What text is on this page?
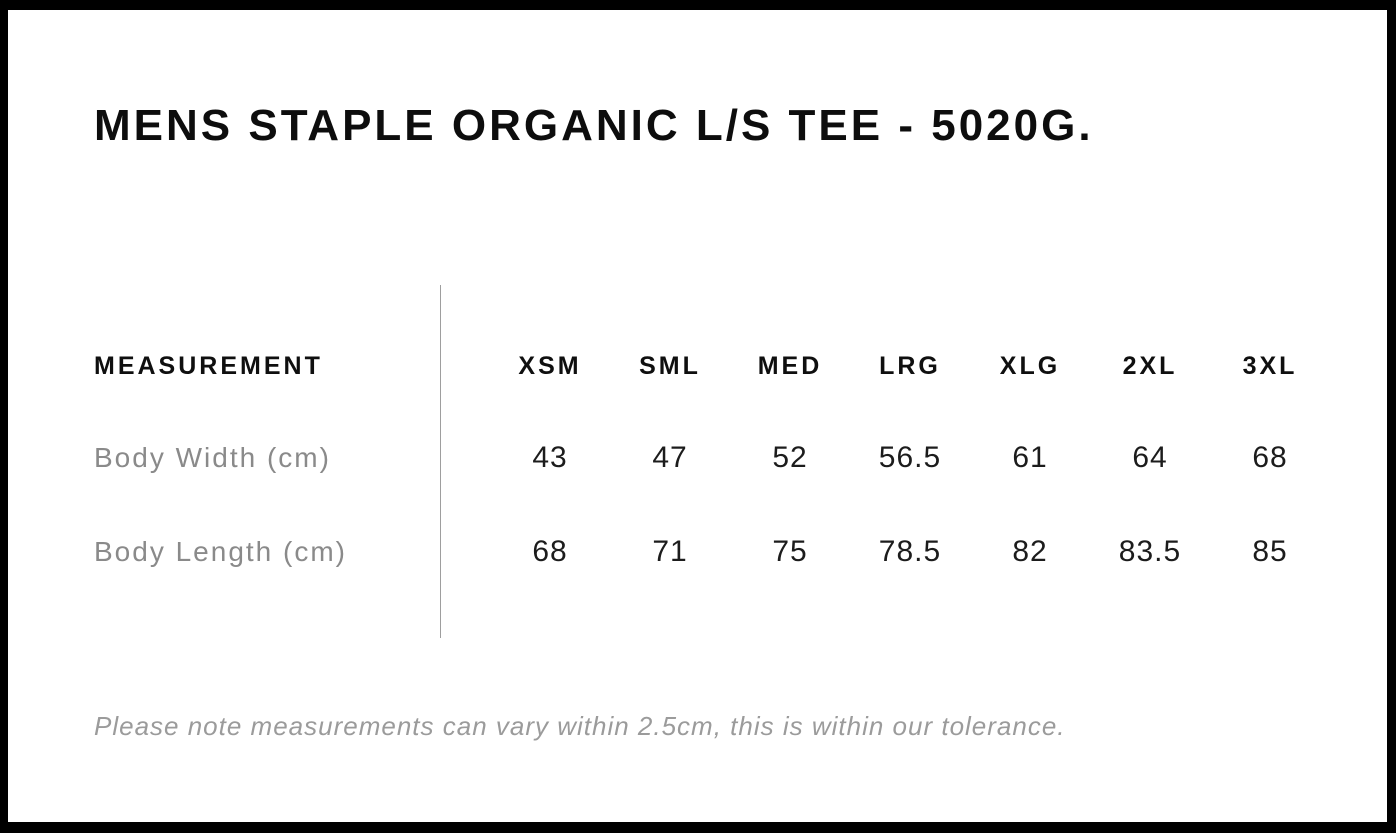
MENS STAPLE ORGANIC L/S TEE - 5020G.
MEASUREMENT	XSM	SML	MED	LRG	XLG	2XL	3XL
Body Width (cm)	43	47	52	56.5	61	64	68
Body Length (cm)	68	71	75	78.5	82	83.5	85

Please note measurements can vary within 2.5cm, this is within our tolerance.
